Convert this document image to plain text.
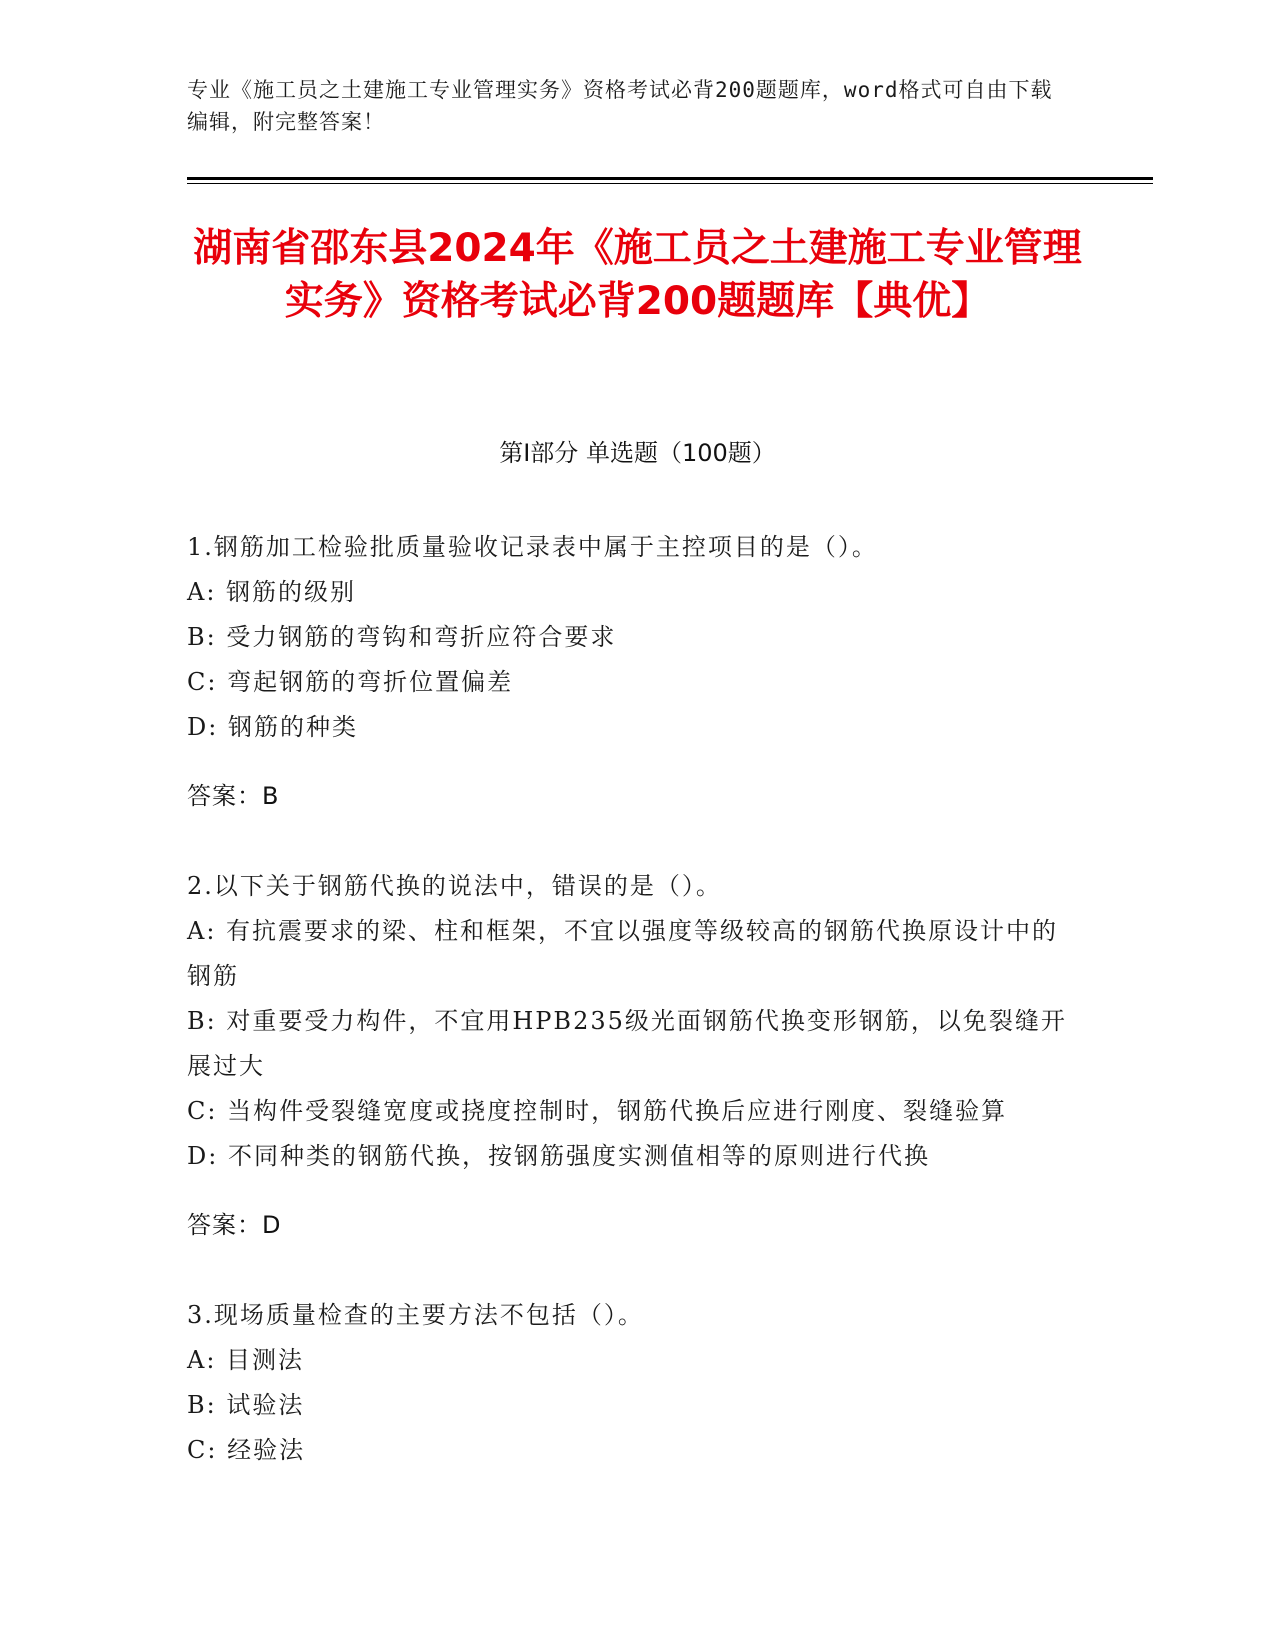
专业《施工员之土建施工专业管理实务》资格考试必背200题题库，word格式可自由下载编辑，附完整答案！
湖南省邵东县2024年《施工员之土建施工专业管理实务》资格考试必背200题题库【典优】
第I部分 单选题（100题）

1.钢筋加工检验批质量验收记录表中属于主控项目的是（）。

A: 钢筋的级别

B: 受力钢筋的弯钩和弯折应符合要求

C: 弯起钢筋的弯折位置偏差

D: 钢筋的种类

答案：B

2.以下关于钢筋代换的说法中，错误的是（）。

A: 有抗震要求的梁、柱和框架，不宜以强度等级较高的钢筋代换原设计中的钢筋

B: 对重要受力构件，不宜用HPB235级光面钢筋代换变形钢筋，以免裂缝开展过大

C: 当构件受裂缝宽度或挠度控制时，钢筋代换后应进行刚度、裂缝验算

D: 不同种类的钢筋代换，按钢筋强度实测值相等的原则进行代换

答案：D

3.现场质量检查的主要方法不包括（）。

A: 目测法

B: 试验法

C: 经验法
